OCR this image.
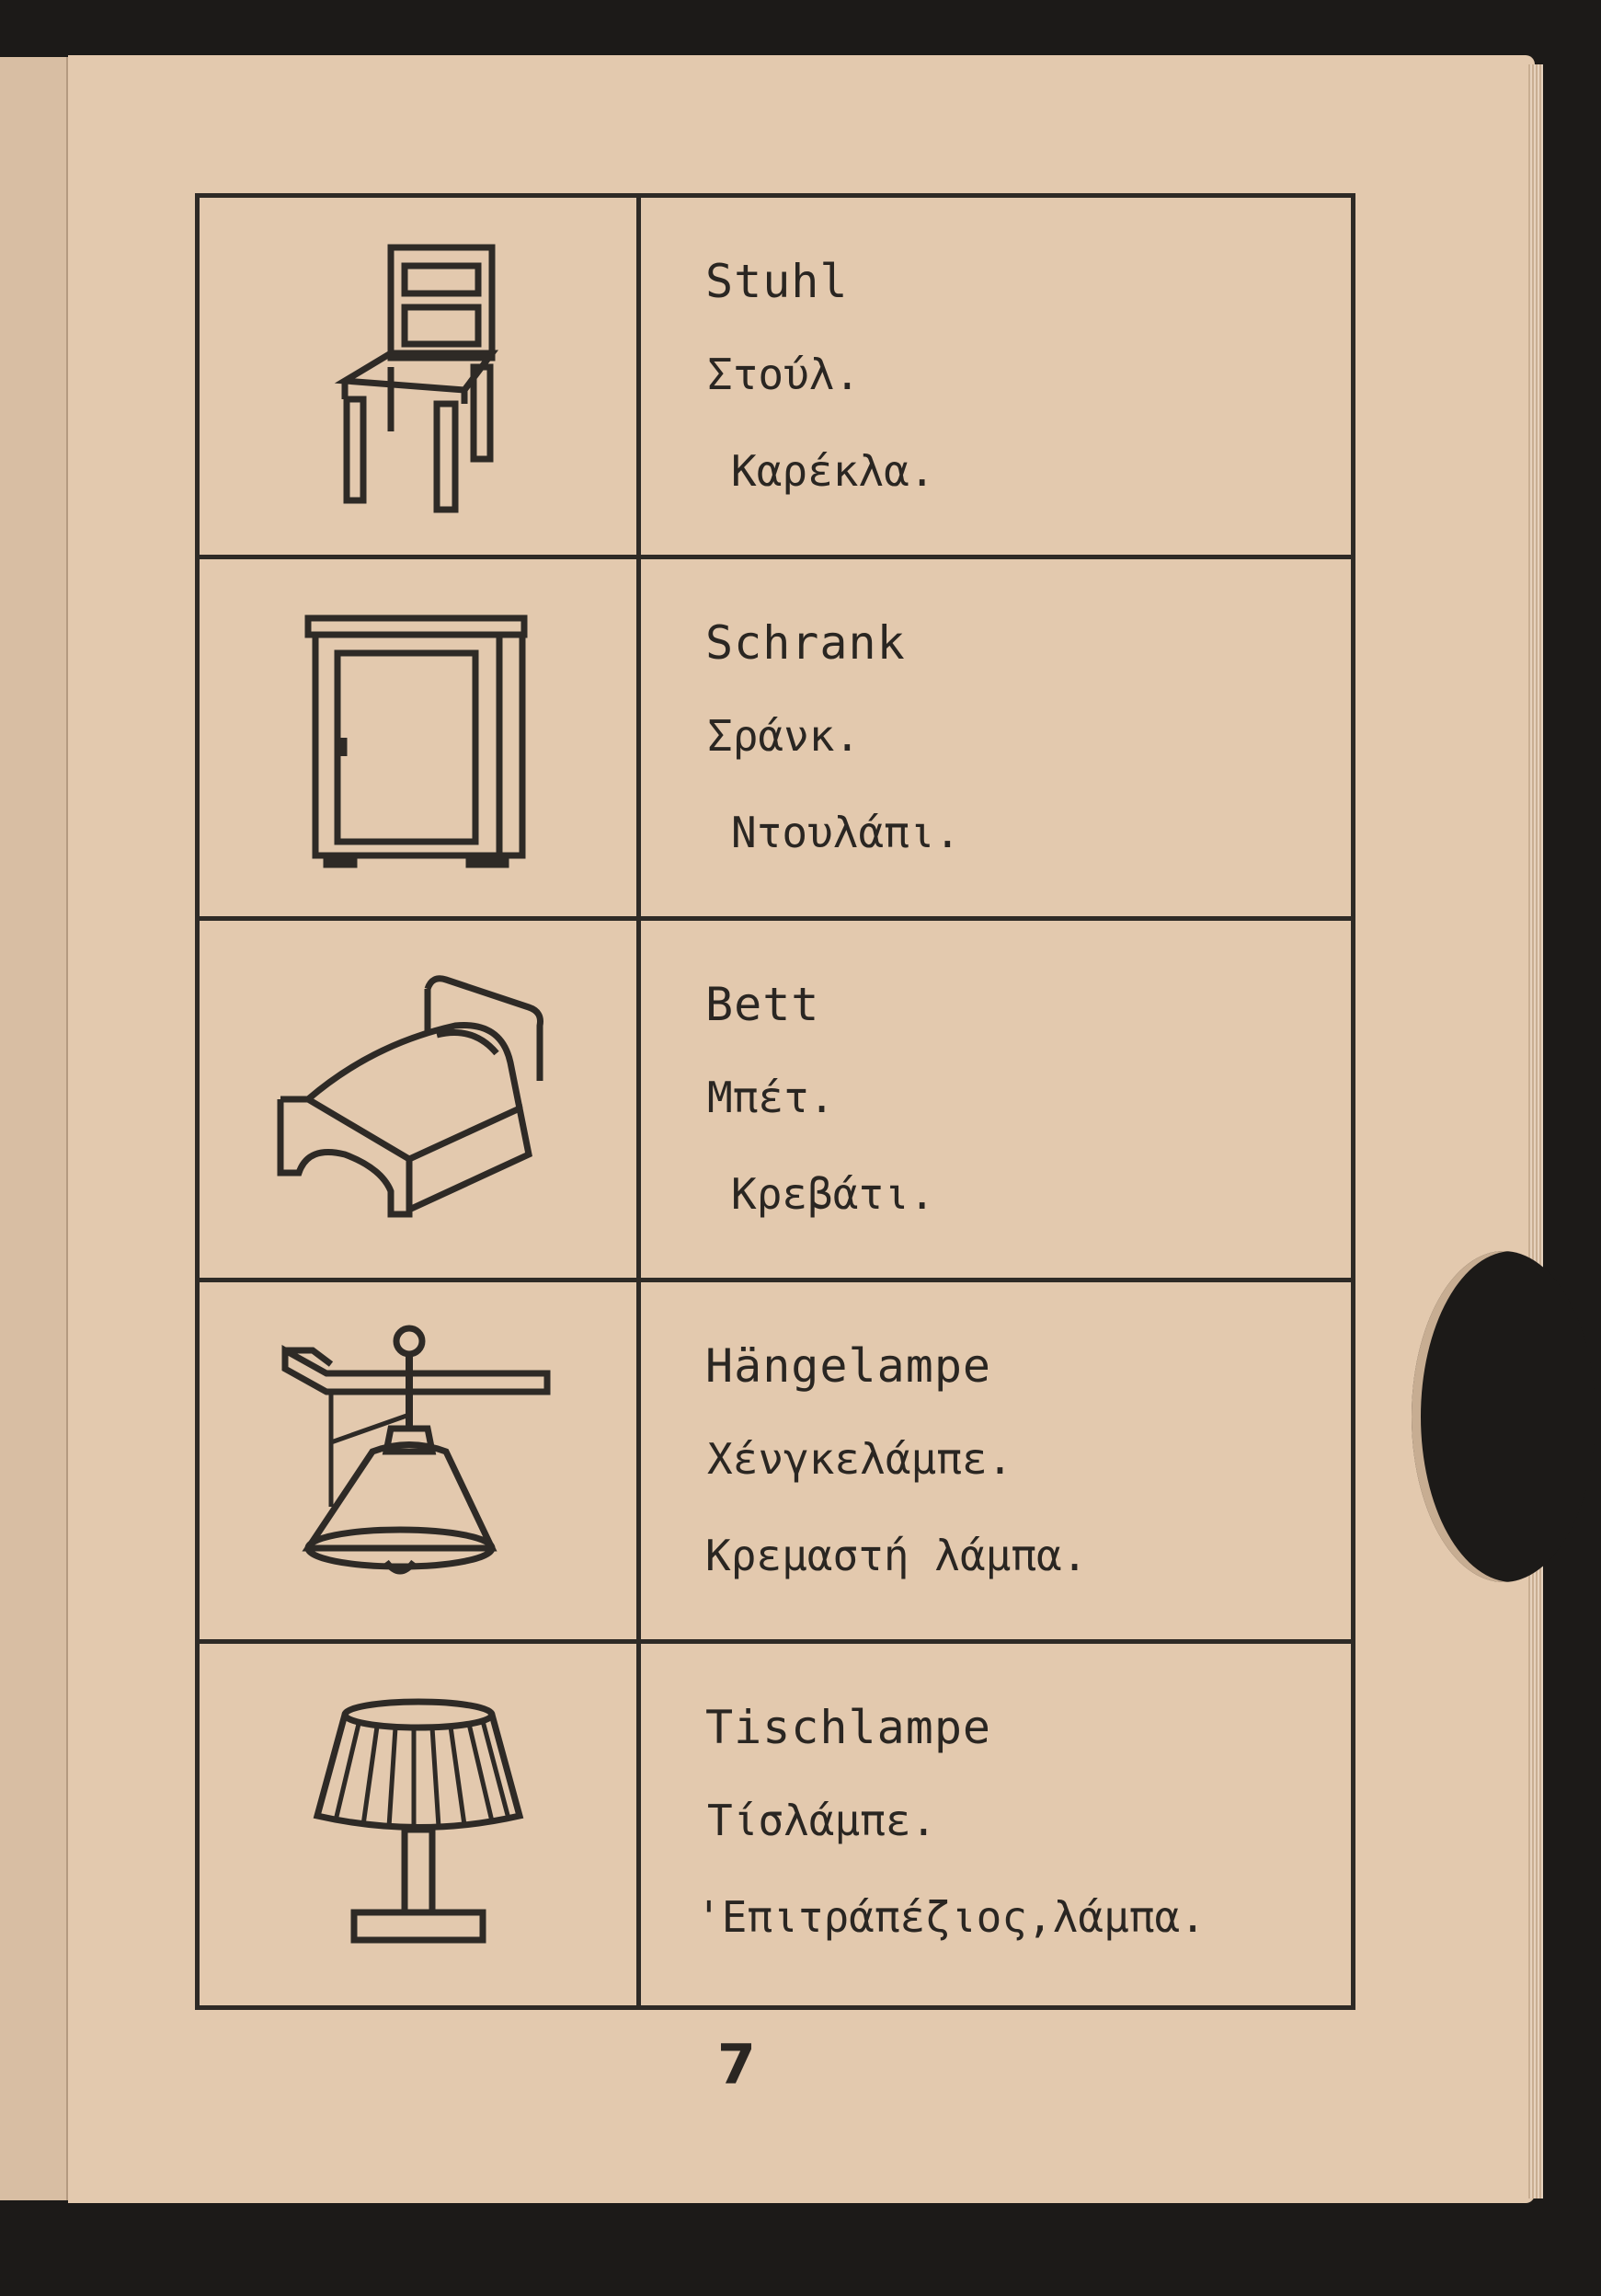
Stuhl
Στούλ.
Καρέκλα.
Schrank
Σράνκ.
Ντουλάπι.
Bett
Μπέτ.
Κρεβάτι.
Hängelampe
Χένγκελάμπε.
Κρεμαστή λάμπα.
Tischlampe
Τίσλάμπε.
'Επιτράπέζιος,λάμπα.
7
